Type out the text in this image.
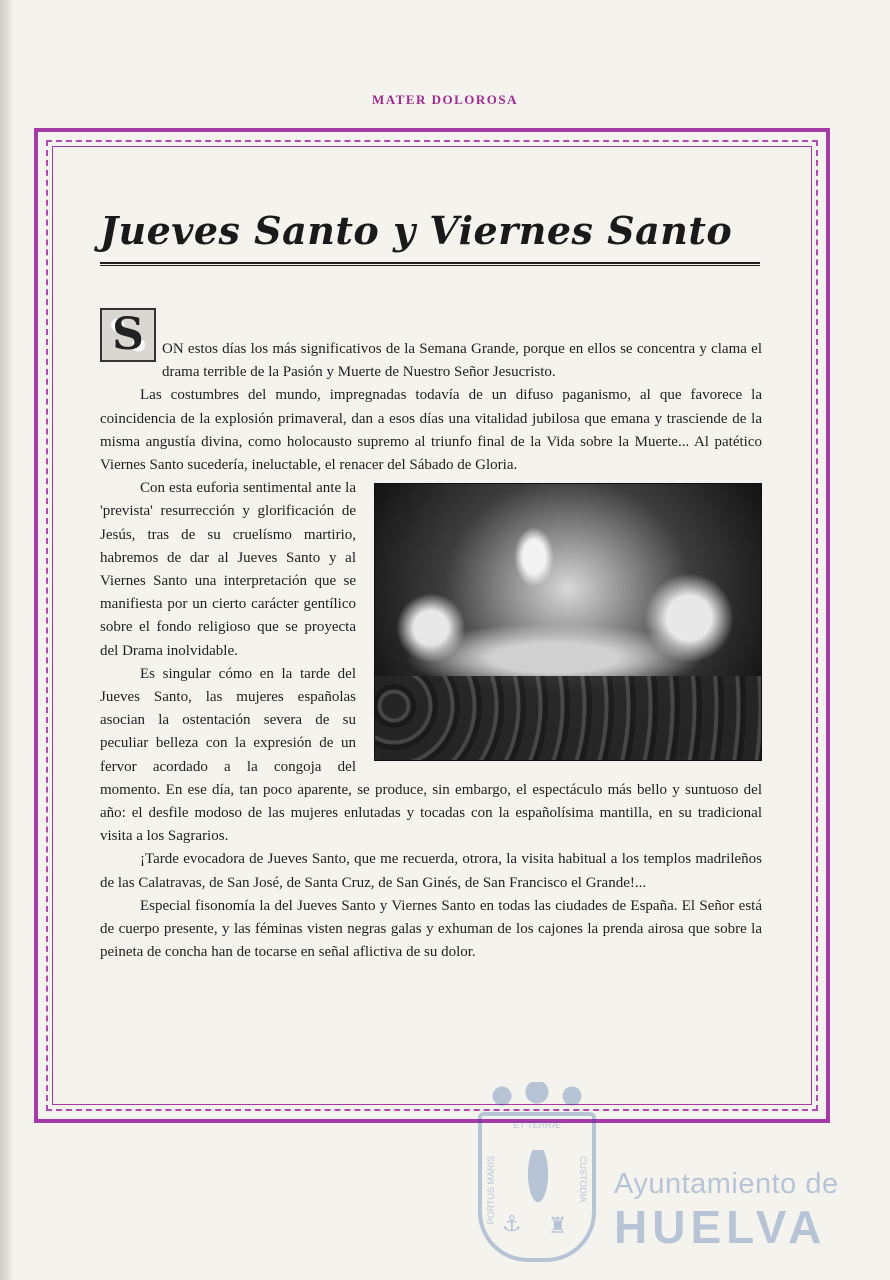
MATER DOLOROSA
Jueves Santo y Viernes Santo

S	ON estos días los más significativos de la Semana Grande, porque en ellos se concentra y clama el drama terrible de la Pasión y Muerte de Nuestro Señor Jesucristo.

Las costumbres del mundo, impregnadas todavía de un difuso paganismo, al que favorece la coincidencia de la explosión primaveral, dan a esos días una vitalidad jubilosa que emana y trasciende de la misma angustía divina, como holocausto supremo al triunfo final de la Vida sobre la Muerte... Al patético Viernes Santo sucedería, ineluctable, el renacer del Sábado de Gloria.

Con esta euforia sentimental ante la 'prevista' resurrección y glorificación de Jesús, tras de su cruelísmo martirio, habremos de dar al Jueves Santo y al Viernes Santo una interpretación que se manifiesta por un cierto carácter gentílico sobre el fondo religioso que se proyecta del Drama inolvidable.

Es singular cómo en la tarde del Jueves Santo, las mujeres españolas asocian la ostentación severa de su peculiar belleza con la expresión de un fervor acordado a la congoja del momento. En ese día, tan poco aparente, se produce, sin embargo, el espectáculo más bello y suntuoso del año: el desfile modoso de las mujeres enlutadas y tocadas con la españolísima mantilla, en su tradicional visita a los Sagrarios.

¡Tarde evocadora de Jueves Santo, que me recuerda, otrora, la visita habitual a los templos madrileños de las Calatravas, de San José, de Santa Cruz, de San Ginés, de San Francisco el Grande!...

Especial fisonomía la del Jueves Santo y Viernes Santo en todas las ciudades de España. El Señor está de cuerpo presente, y las féminas visten negras galas y exhuman de los cajones la prenda airosa que sobre la peineta de concha han de tocarse en señal aflictiva de su dolor.

ET TERRÆ
PORTUS MARIS	CUSTODIA
⚓ ♜
Ayuntamiento de
HUELVA
